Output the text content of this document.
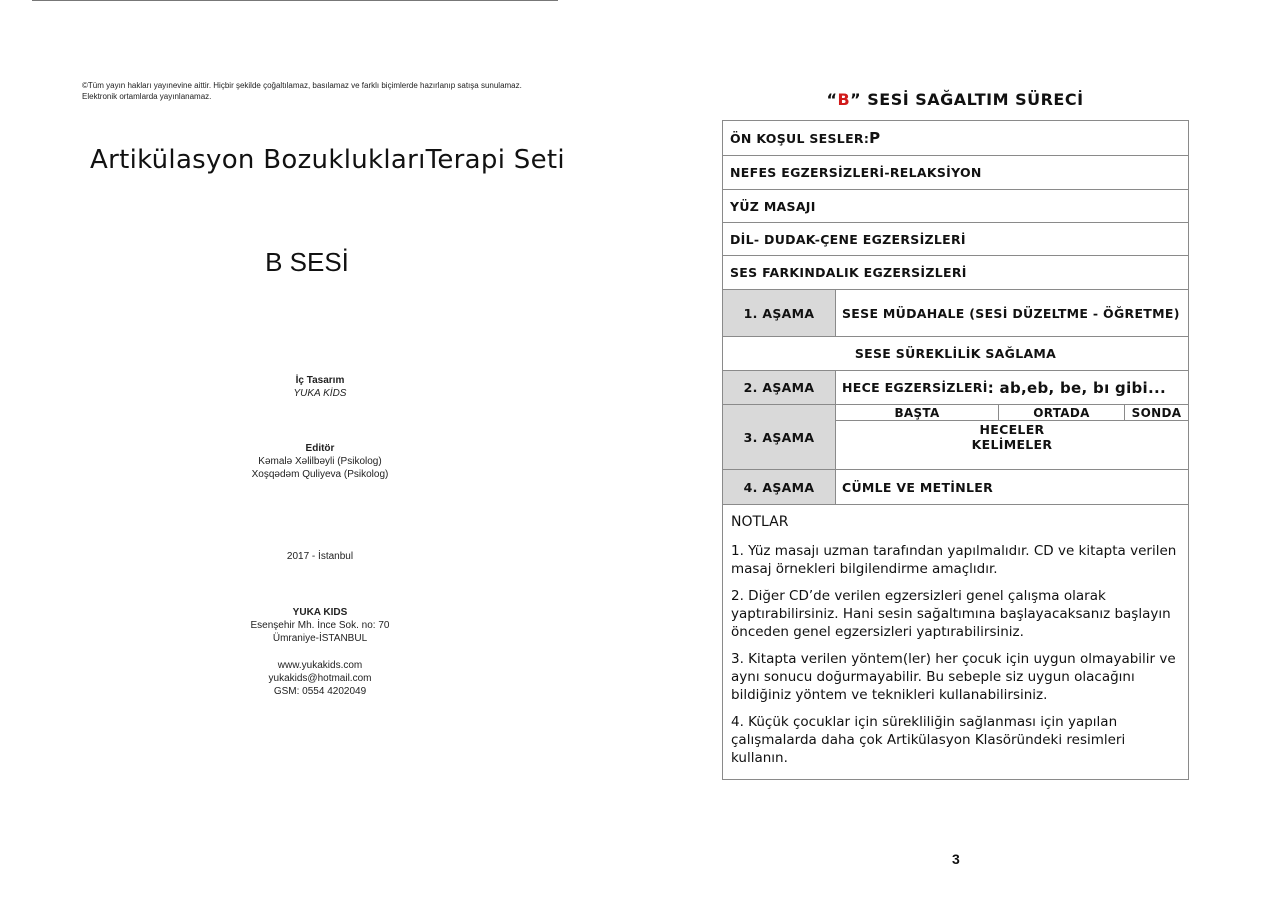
©Tüm yayın hakları yayınevine aittir. Hiçbir şekilde çoğaltılamaz, basılamaz ve farklı biçimlerde hazırlanıp satışa sunulamaz.
Elektronik ortamlarda yayınlanamaz.
Artikülasyon BozukluklarıTerapi Seti
B SESİ
İç Tasarım
YUKA KİDS
Editör
Kəmalə Xəlilbəyli (Psikolog)
Xoşqədəm Quliyeva (Psikolog)
2017 - İstanbul
YUKA KIDS
Esenşehir Mh. İnce Sok. no: 70
Ümraniye-İSTANBUL
www.yukakids.com
yukakids@hotmail.com
GSM: 0554 4202049
“B” SESİ SAĞALTIM SÜRECİ
ÖN KOŞUL SESLER: P
NEFES EGZERSİZLERİ-RELAKSİYON
YÜZ MASAJI
DİL- DUDAK-ÇENE EGZERSİZLERİ
SES FARKINDALIK EGZERSİZLERİ
1. AŞAMA	SESE MÜDAHALE (SESİ DÜZELTME - ÖĞRETME)
SESE SÜREKLİLİK SAĞLAMA
2. AŞAMA	HECE EGZERSİZLERİ : ab,eb, be, bı gibi...
3. AŞAMA
BAŞTA	ORTADA	SONDA
HECELER
KELİMELER
4. AŞAMA	CÜMLE VE METİNLER
NOTLAR
1. Yüz masajı uzman tarafından yapılmalıdır. CD ve kitapta verilen masaj örnekleri bilgilendirme amaçlıdır.
2. Diğer CD’de verilen egzersizleri genel çalışma olarak yaptırabilirsiniz. Hani sesin sağaltımına başlayacaksanız başlayın önceden genel egzersizleri yaptırabilirsiniz.
3. Kitapta verilen yöntem(ler) her çocuk için uygun olmayabilir ve aynı sonucu doğurmayabilir. Bu sebeple siz uygun olacağını bildiğiniz yöntem ve teknikleri kullanabilirsiniz.
4. Küçük çocuklar için sürekliliğin sağlanması için yapılan çalışmalarda daha çok Artikülasyon Klasöründeki resimleri kullanın.
3
